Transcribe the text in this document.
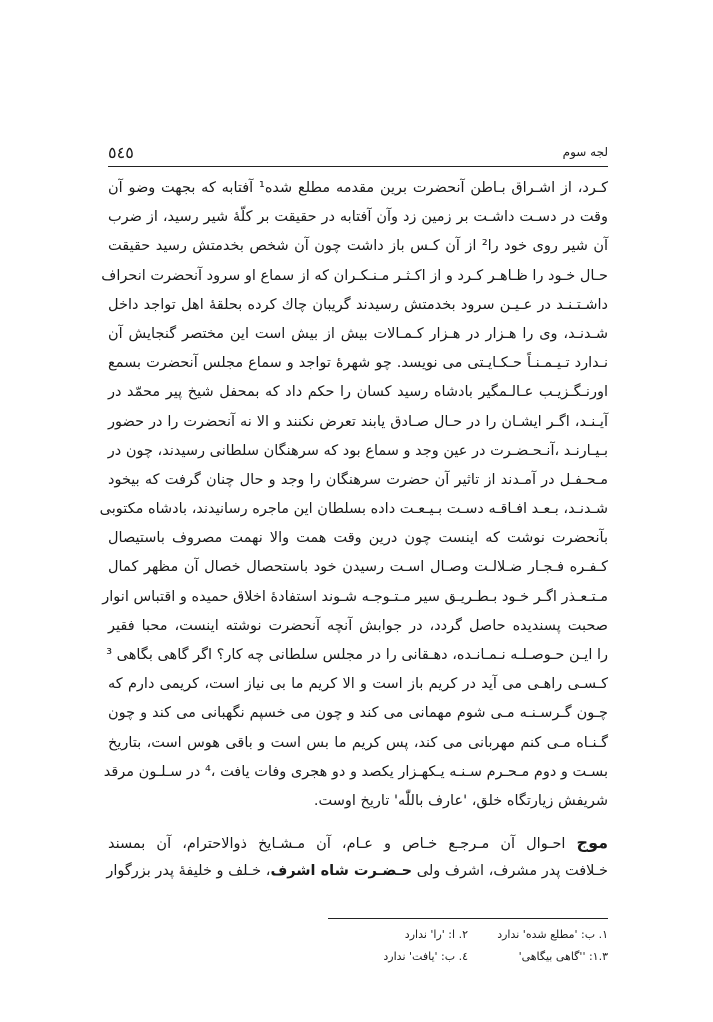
٥٤٥	لجه سوم
کـرد، از اشـراق بـاطن آنحضرت برین مقدمه مطلع شده¹ آفتابه که بجهت وضو آن
وقت در دسـت داشـت بر زمین زد وآن آفتابه در حقیقت بر کلّهٔ شیر رسید، از ضرب
آن شیر روی خود را² از آن کـس باز داشت چون آن شخص بخدمتش رسید حقیقت
حـال خـود را ظـاهـر کـرد و از اکـثـر مـنـکـران که از سماع او سرود آنحضرت انحراف
داشـتـنـد در عـیـن سرود بخدمتش رسیدند گریبان چاك کرده بحلقهٔ اهل تواجد داخل
شـدنـد، وی را هـزار در هـزار کـمـالات بیش از بیش است این مختصر گنجایش آن
نـدارد تـیـمـنـاً حـکـایـتی می نویسد. چو شهرهٔ تواجد و سماع مجلس آنحضرت بسمع
اورنـگـزیـب عـالـمگیر بادشاه رسید کسان را حکم داد که بمحفل شیخ پیر محمّد در
آیـنـد، اگـر ایشـان را در حـال صـادق یابند تعرض نکنند و الا نه آنحضرت را در حضور
بـیـارنـد ،آنـحـضـرت در عین وجد و سماع بود که سرهنگان سلطانی رسیدند، چون در
مـحـفـل در آمـدند از تاثیر آن حضرت سرهنگان را وجد و حال چنان گرفت که بیخود
شـدنـد، بـعـد افـاقـه دسـت بـیـعـت داده بسلطان این ماجره رسانیدند، بادشاه مکتوبی
بآنحضرت نوشت که اینست چون درین وقت همت والا نهمت مصروف باستیصال
کـفـره فـجـار ضـلالـت وصـال اسـت رسیدن خود باستحصال خصال آن مظهر کمال
مـتـعـذر اگـر خـود بـطـریـق سیر مـتـوجـه شـوند استفادهٔ اخلاق حمیده و اقتباس انوار
صحبت پسندیده حاصل گردد، در جوابش آنچه آنحضرت نوشته اینست، محبا فقیر
را ایـن حـوصـلـه نـمـانـده، دهـقانی را در مجلس سلطانی چه کار؟ اگر گاهی بگاهی ³
کـسـی راهـی می آید در کریم باز است و الا کریم ما بی نیاز است، کریمی دارم که
چـون گـرسـنـه مـی شوم مهمانی می کند و چون می خسپم نگهبانی می کند و چون
گـنـاه مـی کنم مهربانی می کند، پس کریم ما بس است و باقی هوس است، بتاریخ
بسـت و دوم مـحـرم سـنـه یـکهـزار یکصد و دو هجری وفات یافت ،⁴ در سـلـون مرقد
شریفش زیارتگاه خلق، 'عارف باللّٰه' تاریخ اوست.
موج احـوال آن مـرجـع خـاص و عـام، آن مـشـایخ ذوالاحترام، آن بمسند
خـلافت پدر مشرف، اشرف ولی حـضـرت شاه اشرف، خـلف و خلیفهٔ پدر بزرگوار
١. ب: 'مطلع شده' ندارد
٢. ا: 'را' ندارد
١.٣: ''گاهی بیگاهی'
٤. ب: 'یافت' ندارد
